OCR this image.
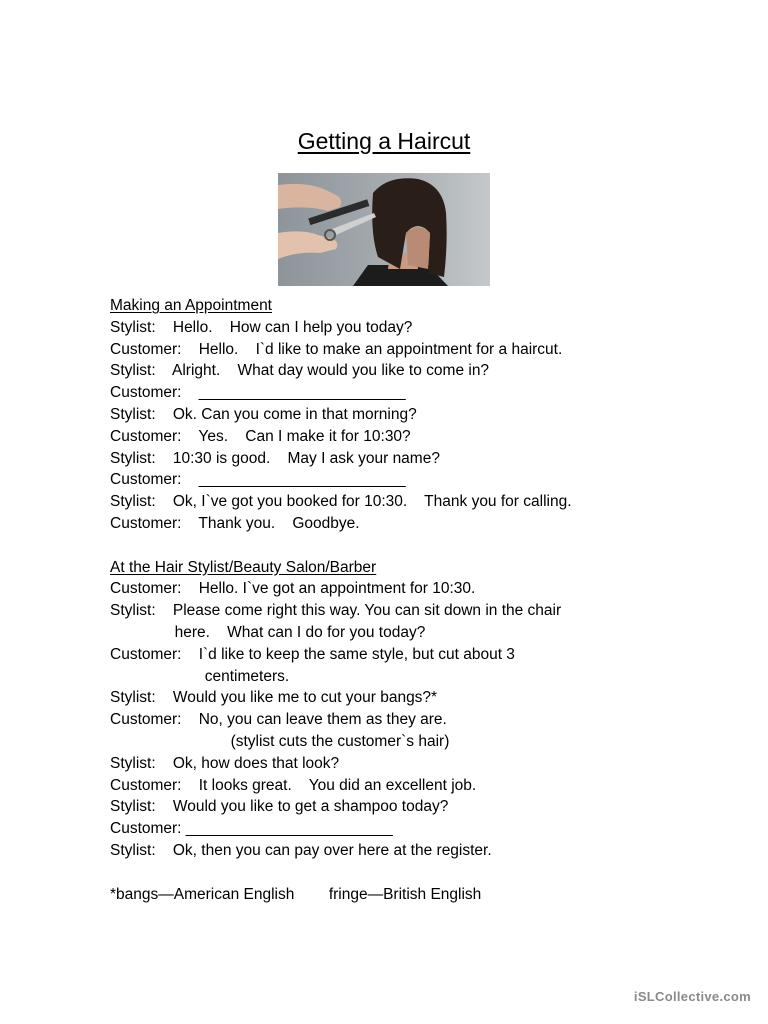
Getting a Haircut
Making an Appointment
Stylist:    Hello.    How can I help you today?
Customer:    Hello.    I`d like to make an appointment for a haircut.
Stylist:    Alright.    What day would you like to come in?
Customer:    ________________________
Stylist:    Ok. Can you come in that morning?
Customer:    Yes.    Can I make it for 10:30?
Stylist:    10:30 is good.    May I ask your name?
Customer:    ________________________
Stylist:    Ok, I`ve got you booked for 10:30.    Thank you for calling.
Customer:    Thank you.    Goodbye.
At the Hair Stylist/Beauty Salon/Barber
Customer:    Hello. I`ve got an appointment for 10:30.
Stylist:    Please come right this way. You can sit down in the chair
here.    What can I do for you today?
Customer:    I`d like to keep the same style, but cut about 3
centimeters.
Stylist:    Would you like me to cut your bangs?*
Customer:    No, you can leave them as they are.
(stylist cuts the customer`s hair)
Stylist:    Ok, how does that look?
Customer:    It looks great.    You did an excellent job.
Stylist:    Would you like to get a shampoo today?
Customer: ________________________
Stylist:    Ok, then you can pay over here at the register.
*bangs—American English        fringe—British English
iSLCollective.com
